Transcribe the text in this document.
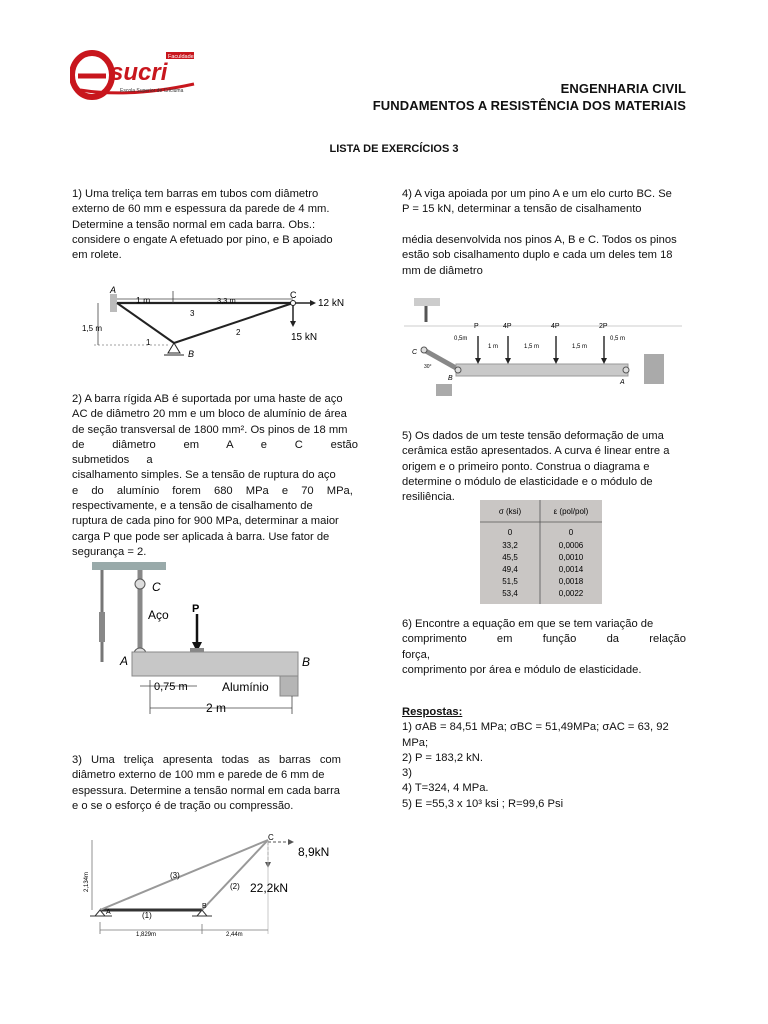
sucri
Faculdades
Escola Superior de Criciúma	ENGENHARIA CIVIL
FUNDAMENTOS A RESISTÊNCIA DOS MATERIAIS
LISTA DE EXERCÍCIOS 3
1) Uma treliça tem barras em tubos com diâmetro
externo de 60 mm e espessura da parede de 4 mm.
Determine a tensão normal em cada barra. Obs.:
considere o engate A efetuado por pino, e B apoiado
em rolete.
A
B
C
1 m	3,3 m
1,5 m
1
2
3
12 kN
15 kN
2) A barra rígida AB é suportada por uma haste de aço
AC de diâmetro 20 mm e um bloco de alumínio de área
de seção transversal de 1800 mm². Os pinos de 18 mm
de diâmetro em A e C estão submetidos a
cisalhamento simples. Se a tensão de ruptura do aço
e do alumínio forem 680 MPa e 70 MPa,
respectivamente, e a tensão de cisalhamento de
ruptura de cada pino for 900 MPa, determinar a maior
carga P que pode ser aplicada à barra. Use fator de
segurança = 2.
C
Aço P
A	B
0,75 m	Alumínio
2 m
3) Uma treliça apresenta todas as barras com
diâmetro externo de 100 mm e parede de 6 mm de
espessura. Determine a tensão normal em cada barra
e o se o esforço é de tração ou compressão.
C
A
B
(1)
(2)
(3)
8,9kN
22,2kN
2,134m
1,829m	2,44m
4) A viga apoiada por um pino A e um elo curto BC. Se
P = 15 kN, determinar a tensão de cisalhamento
média desenvolvida nos pinos A, B e C. Todos os pinos
estão sob cisalhamento duplo e cada um deles tem 18
mm de diâmetro
P	4P	4P	2P
0,5m
1 m	1,5 m	1,5 m
0,5 m
C
B
A
30°
5) Os dados de um teste tensão deformação de uma
cerâmica estão apresentados. A curva é linear entre a
origem e o primeiro ponto. Construa o diagrama e
determine o módulo de elasticidade e o módulo de
resiliência.
σ (ksi)	ε (pol/pol)
0	0
33,2	0,0006
45,5	0,0010
49,4	0,0014
51,5	0,0018
53,4	0,0022
6) Encontre a equação em que se tem variação de
comprimento em função da relação força,
comprimento por área e módulo de elasticidade.
Respostas:
1) σAB = 84,51 MPa; σBC = 51,49MPa; σAC = 63, 92
MPa;
2) P = 183,2 kN.
3)
4) T=324, 4 MPa.
5) E =55,3 x 10³ ksi ; R=99,6 Psi
